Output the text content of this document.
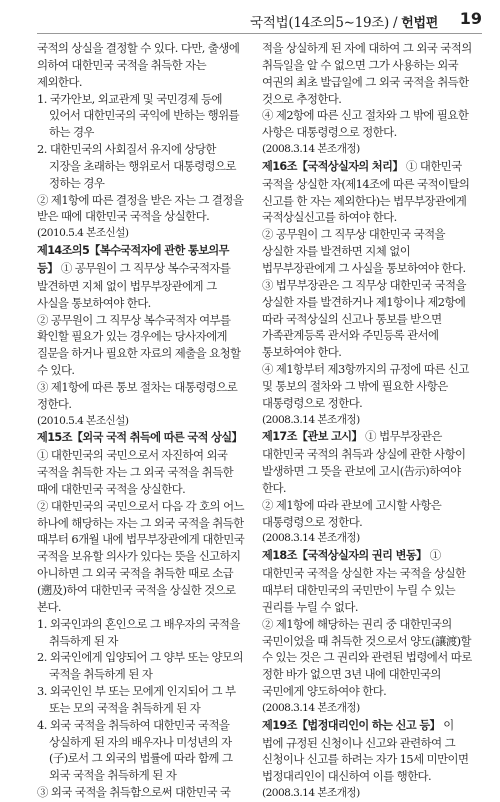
국적법(14조의5∼19조) / 헌법편 19

국적의 상실을 결정할 수 있다. 다만, 출생에 의하여 대한민국 국적을 취득한 자는 제외한다.

1. 국가안보, 외교관계 및 국민경제 등에 있어서 대한민국의 국익에 반하는 행위를 하는 경우

2. 대한민국의 사회질서 유지에 상당한 지장을 초래하는 행위로서 대통령령으로 정하는 경우

② 제1항에 따른 결정을 받은 자는 그 결정을 받은 때에 대한민국 국적을 상실한다.

(2010.5.4 본조신설)

제14조의5【복수국적자에 관한 통보의무 등】 ① 공무원이 그 직무상 복수국적자를 발견하면 지체 없이 법무부장관에게 그 사실을 통보하여야 한다.

② 공무원이 그 직무상 복수국적자 여부를 확인할 필요가 있는 경우에는 당사자에게 질문을 하거나 필요한 자료의 제출을 요청할 수 있다.

③ 제1항에 따른 통보 절차는 대통령령으로 정한다.

(2010.5.4 본조신설)

제15조【외국 국적 취득에 따른 국적 상실】 ① 대한민국의 국민으로서 자진하여 외국 국적을 취득한 자는 그 외국 국적을 취득한 때에 대한민국 국적을 상실한다.

② 대한민국의 국민으로서 다음 각 호의 어느 하나에 해당하는 자는 그 외국 국적을 취득한 때부터 6개월 내에 법무부장관에게 대한민국 국적을 보유할 의사가 있다는 뜻을 신고하지 아니하면 그 외국 국적을 취득한 때로 소급(遡及)하여 대한민국 국적을 상실한 것으로 본다.

1. 외국인과의 혼인으로 그 배우자의 국적을 취득하게 된 자

2. 외국인에게 입양되어 그 양부 또는 양모의 국적을 취득하게 된 자

3. 외국인인 부 또는 모에게 인지되어 그 부 또는 모의 국적을 취득하게 된 자

4. 외국 국적을 취득하여 대한민국 국적을 상실하게 된 자의 배우자나 미성년의 자(子)로서 그 외국의 법률에 따라 함께 그 외국 국적을 취득하게 된 자

③ 외국 국적을 취득함으로써 대한민국 국

적을 상실하게 된 자에 대하여 그 외국 국적의 취득일을 알 수 없으면 그가 사용하는 외국 여권의 최초 발급일에 그 외국 국적을 취득한 것으로 추정한다.

④ 제2항에 따른 신고 절차와 그 밖에 필요한 사항은 대통령령으로 정한다.

(2008.3.14 본조개정)

제16조【국적상실자의 처리】 ① 대한민국 국적을 상실한 자(제14조에 따른 국적이탈의 신고를 한 자는 제외한다)는 법무부장관에게 국적상실신고를 하여야 한다.

② 공무원이 그 직무상 대한민국 국적을 상실한 자를 발견하면 지체 없이 법무부장관에게 그 사실을 통보하여야 한다.

③ 법무부장관은 그 직무상 대한민국 국적을 상실한 자를 발견하거나 제1항이나 제2항에 따라 국적상실의 신고나 통보를 받으면 가족관계등록 관서와 주민등록 관서에 통보하여야 한다.

④ 제1항부터 제3항까지의 규정에 따른 신고 및 통보의 절차와 그 밖에 필요한 사항은 대통령령으로 정한다.

(2008.3.14 본조개정)

제17조【관보 고시】 ① 법무부장관은 대한민국 국적의 취득과 상실에 관한 사항이 발생하면 그 뜻을 관보에 고시(告示)하여야 한다.

② 제1항에 따라 관보에 고시할 사항은 대통령령으로 정한다.

(2008.3.14 본조개정)

제18조【국적상실자의 권리 변동】 ① 대한민국 국적을 상실한 자는 국적을 상실한 때부터 대한민국의 국민만이 누릴 수 있는 권리를 누릴 수 없다.

② 제1항에 해당하는 권리 중 대한민국의 국민이었을 때 취득한 것으로서 양도(讓渡)할 수 있는 것은 그 권리와 관련된 법령에서 따로 정한 바가 없으면 3년 내에 대한민국의 국민에게 양도하여야 한다.

(2008.3.14 본조개정)

제19조【법정대리인이 하는 신고 등】 이 법에 규정된 신청이나 신고와 관련하여 그 신청이나 신고를 하려는 자가 15세 미만이면 법정대리인이 대신하여 이를 행한다.

(2008.3.14 본조개정)
